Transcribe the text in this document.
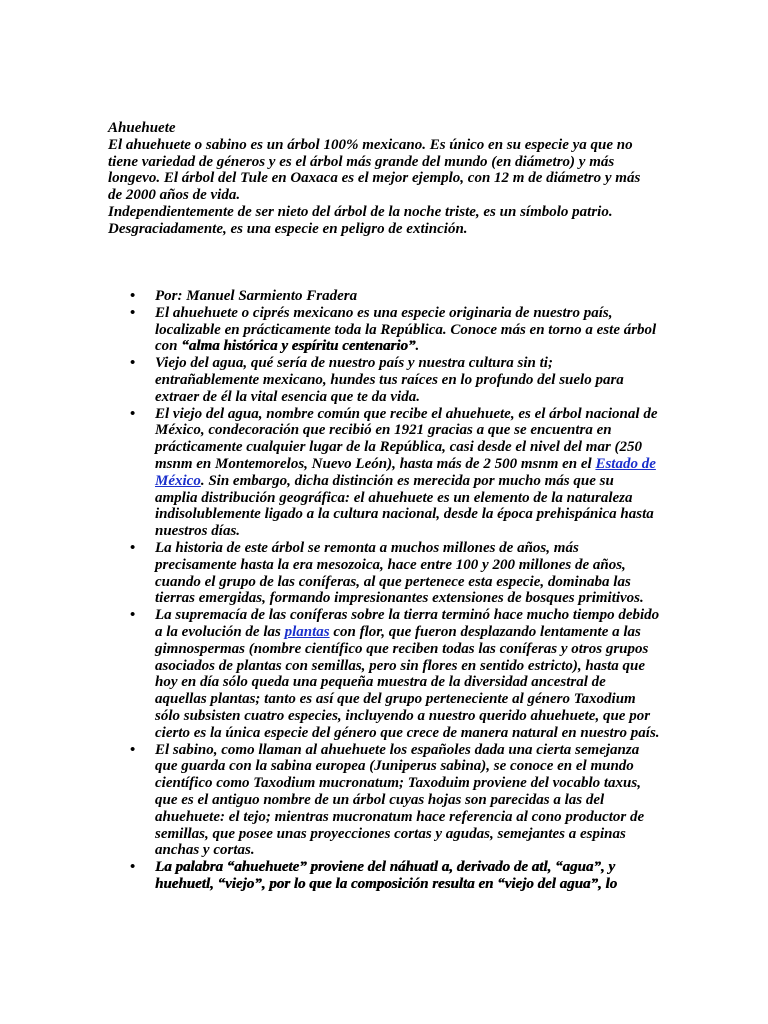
Ahuehuete

El ahuehuete o sabino es un árbol 100% mexicano. Es único en su especie ya que no tiene variedad de géneros y es el árbol más grande del mundo (en diámetro) y más longevo. El árbol del Tule en Oaxaca es el mejor ejemplo, con 12 m de diámetro y más de 2000 años de vida.

Independientemente de ser nieto del árbol de la noche triste, es un símbolo patrio. Desgraciadamente, es una especie en peligro de extinción.

• Por: Manuel Sarmiento Fradera
• El ahuehuete o ciprés mexicano es una especie originaria de nuestro país, localizable en prácticamente toda la República. Conoce más en torno a este árbol con “alma histórica y espíritu centenario”.
• Viejo del agua, qué sería de nuestro país y nuestra cultura sin ti; entrañablemente mexicano, hundes tus raíces en lo profundo del suelo para extraer de él la vital esencia que te da vida.
• El viejo del agua, nombre común que recibe el ahuehuete, es el árbol nacional de México, condecoración que recibió en 1921 gracias a que se encuentra en prácticamente cualquier lugar de la República, casi desde el nivel del mar (250 msnm en Montemorelos, Nuevo León), hasta más de 2 500 msnm en el Estado de México. Sin embargo, dicha distinción es merecida por mucho más que su amplia distribución geográfica: el ahuehuete es un elemento de la naturaleza indisolublemente ligado a la cultura nacional, desde la época prehispánica hasta nuestros días.
• La historia de este árbol se remonta a muchos millones de años, más precisamente hasta la era mesozoica, hace entre 100 y 200 millones de años, cuando el grupo de las coníferas, al que pertenece esta especie, dominaba las tierras emergidas, formando impresionantes extensiones de bosques primitivos.
• La supremacía de las coníferas sobre la tierra terminó hace mucho tiempo debido a la evolución de las plantas con flor, que fueron desplazando lentamente a las gimnospermas (nombre científico que reciben todas las coníferas y otros grupos asociados de plantas con semillas, pero sin flores en sentido estricto), hasta que hoy en día sólo queda una pequeña muestra de la diversidad ancestral de aquellas plantas; tanto es así que del grupo perteneciente al género Taxodium sólo subsisten cuatro especies, incluyendo a nuestro querido ahuehuete, que por cierto es la única especie del género que crece de manera natural en nuestro país.
• El sabino, como llaman al ahuehuete los españoles dada una cierta semejanza que guarda con la sabina europea (Juniperus sabina), se conoce en el mundo científico como Taxodium mucronatum; Taxoduim proviene del vocablo taxus, que es el antiguo nombre de un árbol cuyas hojas son parecidas a las del ahuehuete: el tejo; mientras mucronatum hace referencia al cono productor de semillas, que posee unas proyecciones cortas y agudas, semejantes a espinas anchas y cortas.
• La palabra “ahuehuete” proviene del náhuatl a, derivado de atl, “agua”, y huehuetl, “viejo”, por lo que la composición resulta en “viejo del agua”, lo
